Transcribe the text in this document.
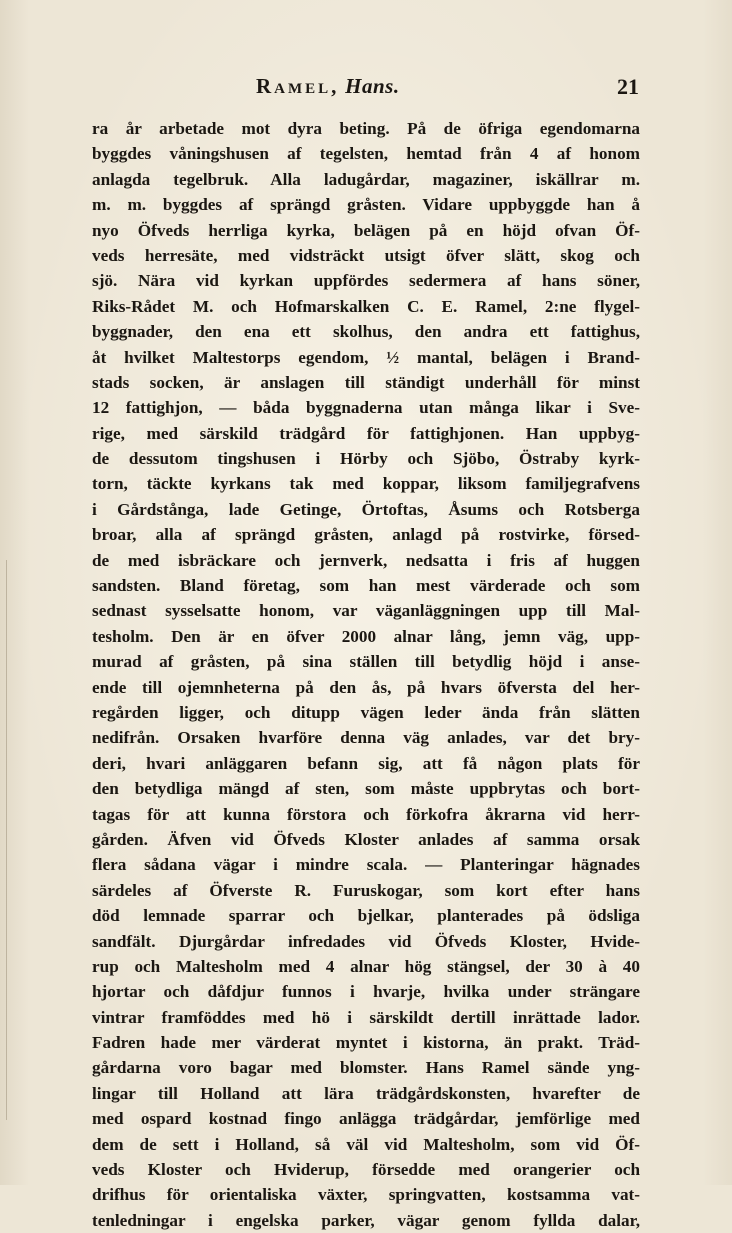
Ramel, Hans.	21
ra år arbetade mot dyra beting. På de öfriga egendomarna
byggdes våningshusen af tegelsten, hemtad från 4 af honom
anlagda tegelbruk. Alla ladugårdar, magaziner, iskällrar m.
m. m. byggdes af sprängd gråsten. Vidare uppbyggde han å
nyo Öfveds herrliga kyrka, belägen på en höjd ofvan Öf-
veds herresäte, med vidsträckt utsigt öfver slätt, skog och
sjö. Nära vid kyrkan uppfördes sedermera af hans söner,
Riks-Rådet M. och Hofmarskalken C. E. Ramel, 2:ne flygel-
byggnader, den ena ett skolhus, den andra ett fattighus,
åt hvilket Maltestorps egendom, ½ mantal, belägen i Brand-
stads socken, är anslagen till ständigt underhåll för minst
12 fattighjon, — båda byggnaderna utan många likar i Sve-
rige, med särskild trädgård för fattighjonen. Han uppbyg-
de dessutom tingshusen i Hörby och Sjöbo, Östraby kyrk-
torn, täckte kyrkans tak med koppar, liksom familjegrafvens
i Gårdstånga, lade Getinge, Örtoftas, Åsums och Rotsberga
broar, alla af sprängd gråsten, anlagd på rostvirke, försed-
de med isbräckare och jernverk, nedsatta i fris af huggen
sandsten. Bland företag, som han mest värderade och som
sednast sysselsatte honom, var väganläggningen upp till Mal-
tesholm. Den är en öfver 2000 alnar lång, jemn väg, upp-
murad af gråsten, på sina ställen till betydlig höjd i anse-
ende till ojemnheterna på den ås, på hvars öfversta del her-
regården ligger, och ditupp vägen leder ända från slätten
nedifrån. Orsaken hvarföre denna väg anlades, var det bry-
deri, hvari anläggaren befann sig, att få någon plats för
den betydliga mängd af sten, som måste uppbrytas och bort-
tagas för att kunna förstora och förkofra åkrarna vid herr-
gården. Äfven vid Öfveds Kloster anlades af samma orsak
flera sådana vägar i mindre scala. — Planteringar hägnades
särdeles af Öfverste R. Furuskogar, som kort efter hans
död lemnade sparrar och bjelkar, planterades på ödsliga
sandfält. Djurgårdar infredades vid Öfveds Kloster, Hvide-
rup och Maltesholm med 4 alnar hög stängsel, der 30 à 40
hjortar och dåfdjur funnos i hvarje, hvilka under strängare
vintrar framföddes med hö i särskildt dertill inrättade lador.
Fadren hade mer värderat myntet i kistorna, än prakt. Träd-
gårdarna voro bagar med blomster. Hans Ramel sände yng-
lingar till Holland att lära trädgårdskonsten, hvarefter de
med ospard kostnad fingo anlägga trädgårdar, jemförlige med
dem de sett i Holland, så väl vid Maltesholm, som vid Öf-
veds Kloster och Hviderup, försedde med orangerier och
drifhus för orientaliska växter, springvatten, kostsamma vat-
tenledningar i engelska parker, vägar genom fyllda dalar,
